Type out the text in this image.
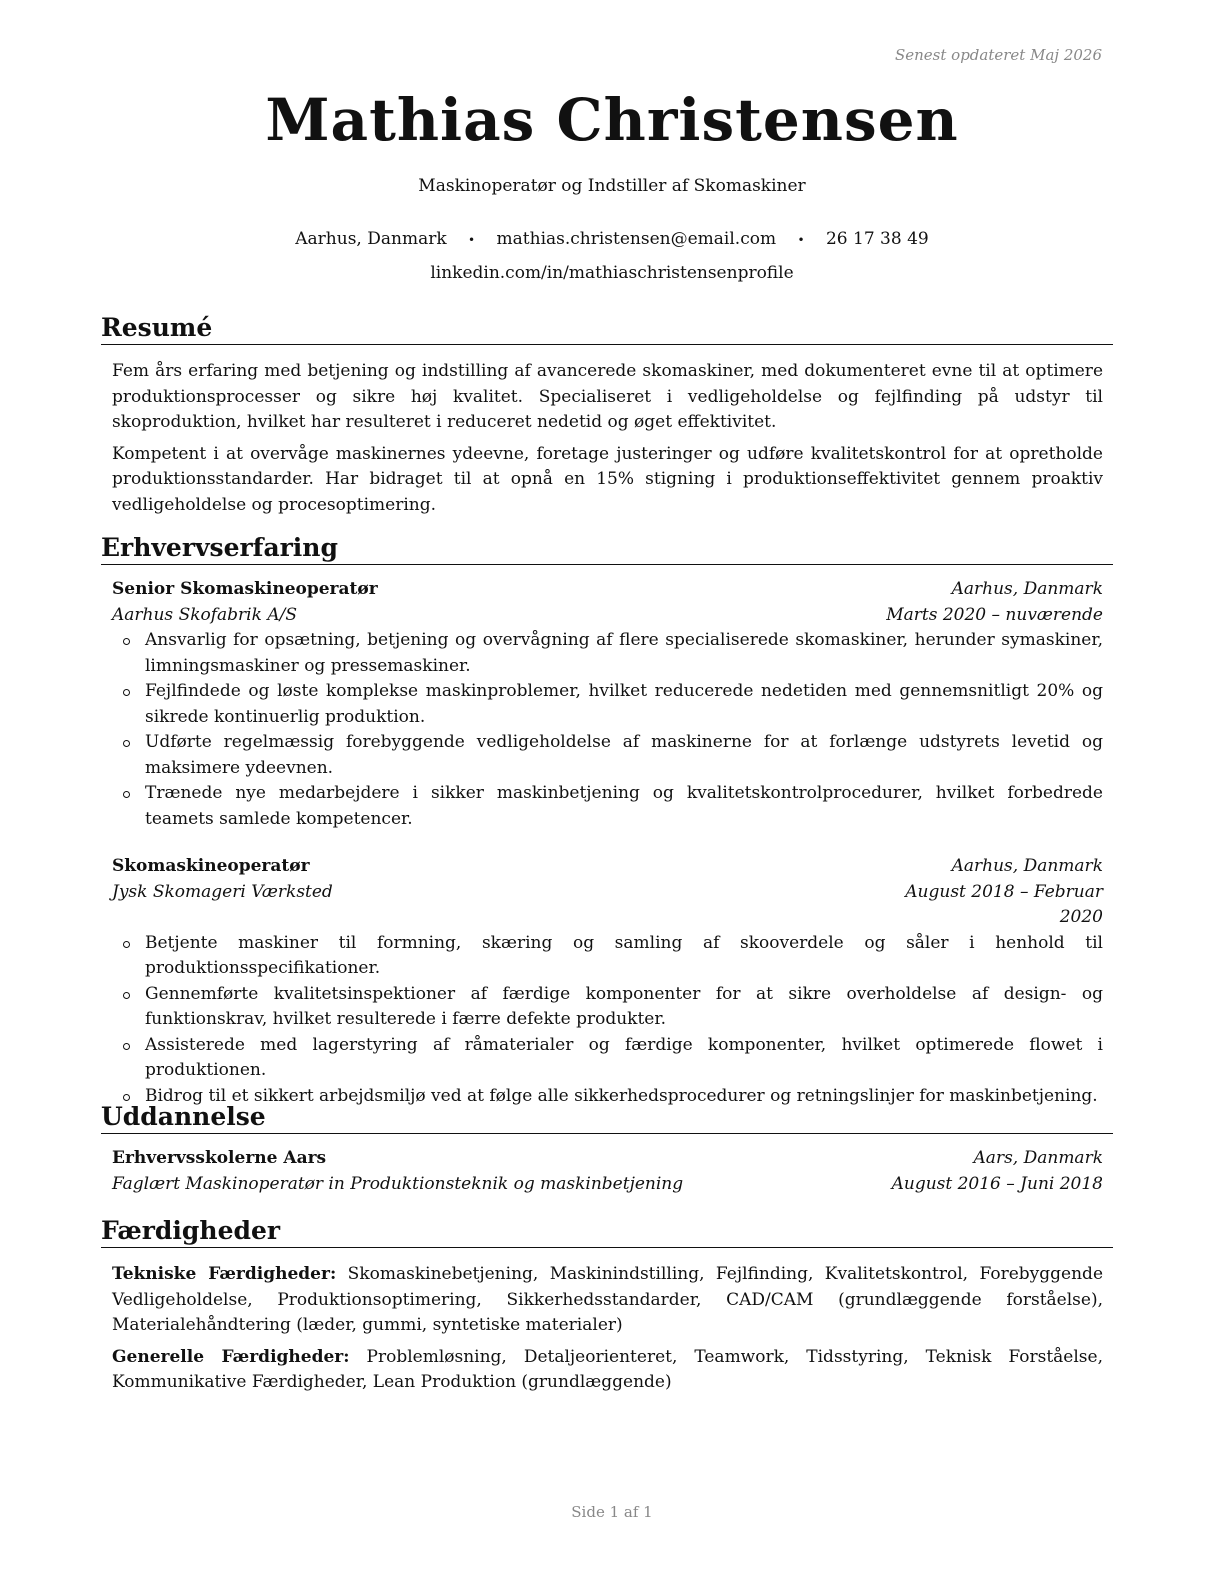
Senest opdateret Maj 2026
Mathias Christensen
Maskinoperatør og Indstiller af Skomaskiner
Aarhus, Danmark • mathias.christensen@email.com • 26 17 38 49
linkedin.com/in/mathiaschristensenprofile
Resumé

Fem års erfaring med betjening og indstilling af avancerede skomaskiner, med dokumenteret evne til at optimere produktionsprocesser og sikre høj kvalitet. Specialiseret i vedligeholdelse og fejlfinding på udstyr til skoproduktion, hvilket har resulteret i reduceret nedetid og øget effektivitet.

Kompetent i at overvåge maskinernes ydeevne, foretage justeringer og udføre kvalitetskontrol for at opretholde produktionsstandarder. Har bidraget til at opnå en 15% stigning i produktionseffektivitet gennem proaktiv vedligeholdelse og procesoptimering.

Erhvervserfaring
Senior Skomaskineoperatør	Aarhus, Danmark
Aarhus Skofabrik A/S	Marts 2020 – nuværende
Ansvarlig for opsætning, betjening og overvågning af flere specialiserede skomaskiner, herunder symaskiner, limningsmaskiner og pressemaskiner.
Fejlfindede og løste komplekse maskinproblemer, hvilket reducerede nedetiden med gennemsnitligt 20% og sikrede kontinuerlig produktion.
Udførte regelmæssig forebyggende vedligeholdelse af maskinerne for at forlænge udstyrets levetid og maksimere ydeevnen.
Trænede nye medarbejdere i sikker maskinbetjening og kvalitetskontrolprocedurer, hvilket forbedrede teamets samlede kompetencer.
Skomaskineoperatør	Aarhus, Danmark
Jysk Skomageri Værksted	August 2018 – Februar 2020
Betjente maskiner til formning, skæring og samling af skooverdele og såler i henhold til produktionsspecifikationer.
Gennemførte kvalitetsinspektioner af færdige komponenter for at sikre overholdelse af design- og funktionskrav, hvilket resulterede i færre defekte produkter.
Assisterede med lagerstyring af råmaterialer og færdige komponenter, hvilket optimerede flowet i produktionen.
Bidrog til et sikkert arbejdsmiljø ved at følge alle sikkerhedsprocedurer og retningslinjer for maskinbetjening.
Uddannelse
Erhvervsskolerne Aars	Aars, Danmark
Faglært Maskinoperatør in Produktionsteknik og maskinbetjening	August 2016 – Juni 2018
Færdigheder

Tekniske Færdigheder: Skomaskinebetjening, Maskinindstilling, Fejlfinding, Kvalitetskontrol, Forebyggende Vedligeholdelse, Produktionsoptimering, Sikkerhedsstandarder, CAD/CAM (grundlæggende forståelse), Materialehåndtering (læder, gummi, syntetiske materialer)

Generelle Færdigheder: Problemløsning, Detaljeorienteret, Teamwork, Tidsstyring, Teknisk Forståelse, Kommunikative Færdigheder, Lean Produktion (grundlæggende)

Side 1 af 1
